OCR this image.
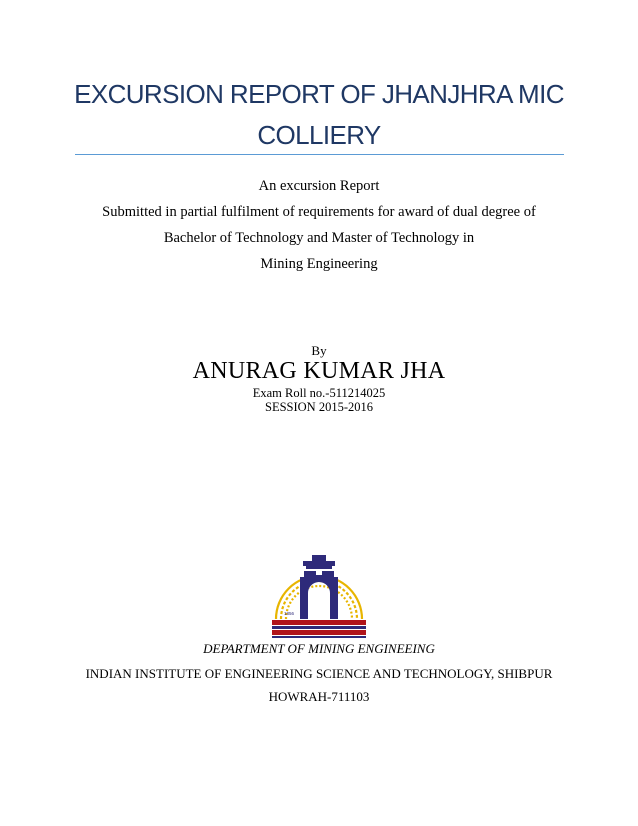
EXCURSION REPORT OF JHANJHRA MIC
COLLIERY
An excursion Report
Submitted in partial fulfilment of requirements for award of dual degree of
Bachelor of Technology and Master of Technology in
Mining Engineering
By
ANURAG KUMAR JHA
Exam Roll no.-511214025
SESSION 2015-2016
1856
DEPARTMENT OF MINING ENGINEEING
INDIAN INSTITUTE OF ENGINEERING SCIENCE AND TECHNOLOGY, SHIBPUR
HOWRAH-711103
